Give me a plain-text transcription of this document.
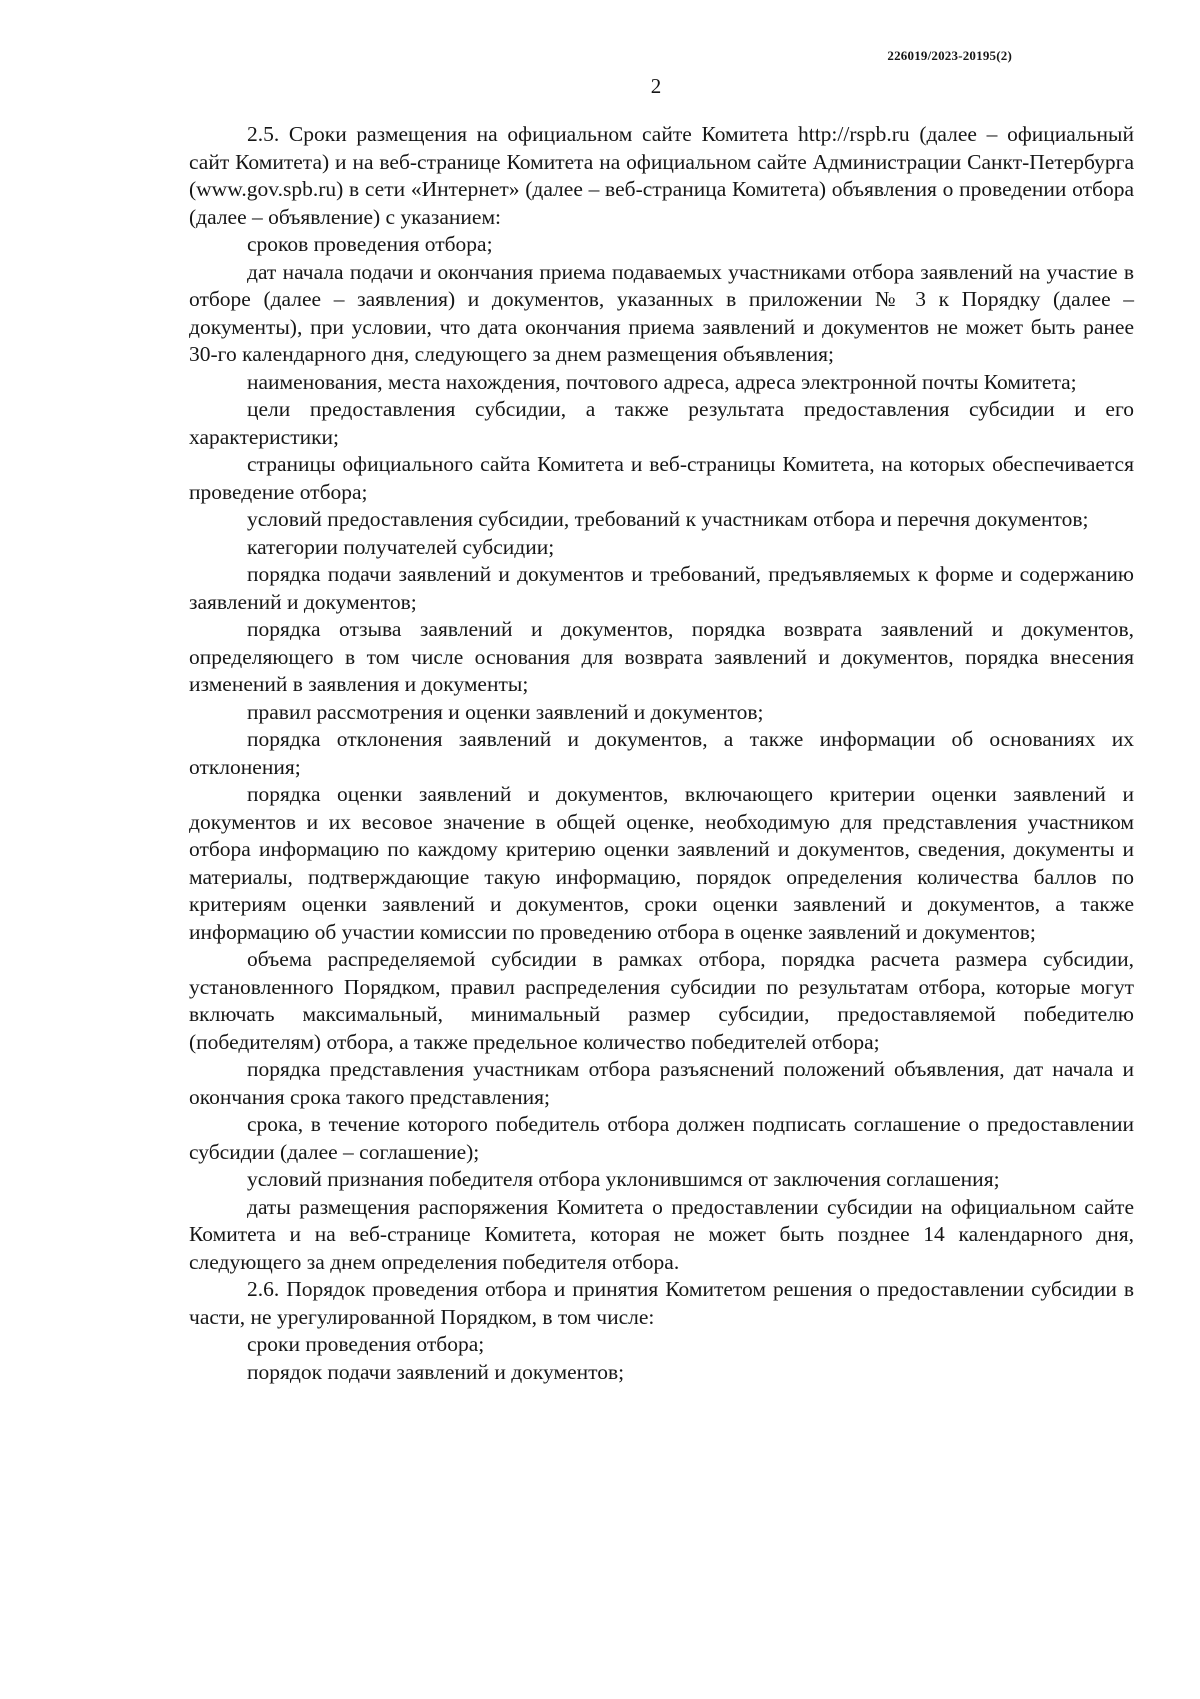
226019/2023-20195(2)
2

2.5. Сроки размещения на официальном сайте Комитета http://rspb.ru (далее – официальный сайт Комитета) и на веб-странице Комитета на официальном сайте Администрации Санкт-Петербурга (www.gov.spb.ru) в сети «Интернет» (далее – веб-страница Комитета) объявления о проведении отбора (далее – объявление) с указанием:

сроков проведения отбора;

дат начала подачи и окончания приема подаваемых участниками отбора заявлений на участие в отборе (далее – заявления) и документов, указанных в приложении № 3 к Порядку (далее – документы), при условии, что дата окончания приема заявлений и документов не может быть ранее 30-го календарного дня, следующего за днем размещения объявления;

наименования, места нахождения, почтового адреса, адреса электронной почты Комитета;

цели предоставления субсидии, а также результата предоставления субсидии и его характеристики;

страницы официального сайта Комитета и веб-страницы Комитета, на которых обеспечивается проведение отбора;

условий предоставления субсидии, требований к участникам отбора и перечня документов;

категории получателей субсидии;

порядка подачи заявлений и документов и требований, предъявляемых к форме и содержанию заявлений и документов;

порядка отзыва заявлений и документов, порядка возврата заявлений и документов, определяющего в том числе основания для возврата заявлений и документов, порядка внесения изменений в заявления и документы;

правил рассмотрения и оценки заявлений и документов;

порядка отклонения заявлений и документов, а также информации об основаниях их отклонения;

порядка оценки заявлений и документов, включающего критерии оценки заявлений и документов и их весовое значение в общей оценке, необходимую для представления участником отбора информацию по каждому критерию оценки заявлений и документов, сведения, документы и материалы, подтверждающие такую информацию, порядок определения количества баллов по критериям оценки заявлений и документов, сроки оценки заявлений и документов, а также информацию об участии комиссии по проведению отбора в оценке заявлений и документов;

объема распределяемой субсидии в рамках отбора, порядка расчета размера субсидии, установленного Порядком, правил распределения субсидии по результатам отбора, которые могут включать максимальный, минимальный размер субсидии, предоставляемой победителю (победителям) отбора, а также предельное количество победителей отбора;

порядка представления участникам отбора разъяснений положений объявления, дат начала и окончания срока такого представления;

срока, в течение которого победитель отбора должен подписать соглашение о предоставлении субсидии (далее – соглашение);

условий признания победителя отбора уклонившимся от заключения соглашения;

даты размещения распоряжения Комитета о предоставлении субсидии на официальном сайте Комитета и на веб-странице Комитета, которая не может быть позднее 14 календарного дня, следующего за днем определения победителя отбора.

2.6. Порядок проведения отбора и принятия Комитетом решения о предоставлении субсидии в части, не урегулированной Порядком, в том числе:

сроки проведения отбора;

порядок подачи заявлений и документов;
